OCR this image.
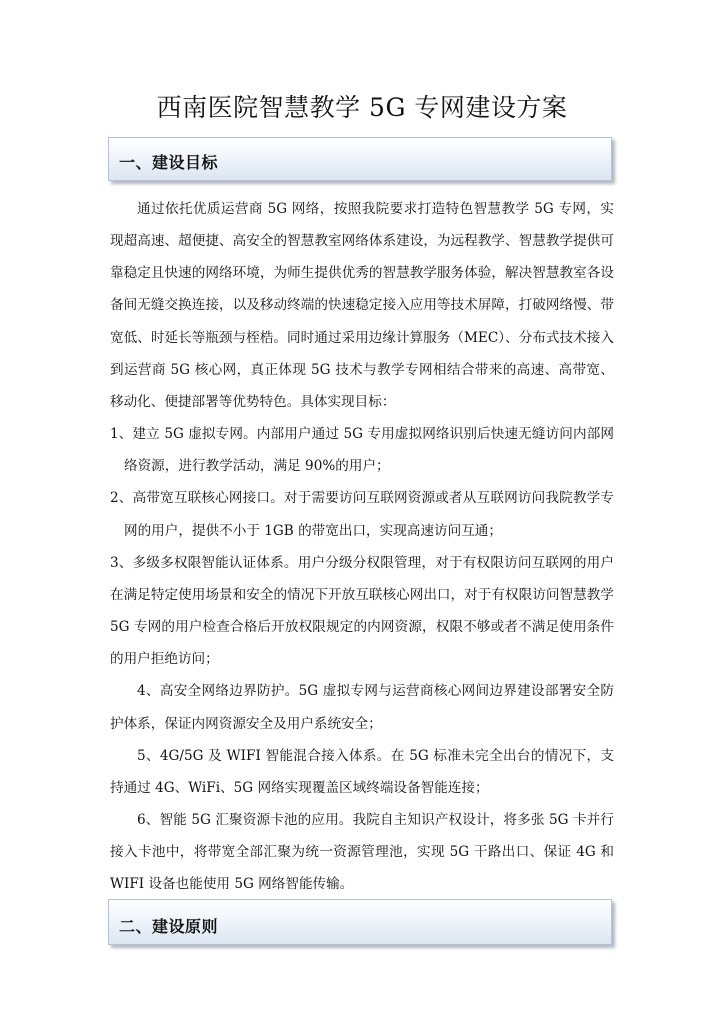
西南医院智慧教学 5G 专网建设方案
一、建设目标

通过依托优质运营商 5G 网络，按照我院要求打造特色智慧教学 5G 专网，实现超高速、超便捷、高安全的智慧教室网络体系建设，为远程教学、智慧教学提供可靠稳定且快速的网络环境，为师生提供优秀的智慧教学服务体验，解决智慧教室各设备间无缝交换连接，以及移动终端的快速稳定接入应用等技术屏障，打破网络慢、带宽低、时延长等瓶颈与桎梏。同时通过采用边缘计算服务（MEC）、分布式技术接入到运营商 5G 核心网，真正体现 5G 技术与教学专网相结合带来的高速、高带宽、移动化、便捷部署等优势特色。具体实现目标：

1、建立 5G 虚拟专网。内部用户通过 5G 专用虚拟网络识别后快速无缝访问内部网络资源，进行教学活动，满足 90%的用户；

2、高带宽互联核心网接口。对于需要访问互联网资源或者从互联网访问我院教学专网的用户，提供不小于 1GB 的带宽出口，实现高速访问互通；

3、多级多权限智能认证体系。用户分级分权限管理，对于有权限访问互联网的用户在满足特定使用场景和安全的情况下开放互联核心网出口，对于有权限访问智慧教学 5G 专网的用户检查合格后开放权限规定的内网资源，权限不够或者不满足使用条件的用户拒绝访问；

4、高安全网络边界防护。5G 虚拟专网与运营商核心网间边界建设部署安全防护体系，保证内网资源安全及用户系统安全；

5、4G/5G 及 WIFI 智能混合接入体系。在 5G 标准未完全出台的情况下，支持通过 4G、WiFi、5G 网络实现覆盖区域终端设备智能连接；

6、智能 5G 汇聚资源卡池的应用。我院自主知识产权设计，将多张 5G 卡并行接入卡池中，将带宽全部汇聚为统一资源管理池，实现 5G 干路出口、保证 4G 和 WIFI 设备也能使用 5G 网络智能传输。

二、建设原则
